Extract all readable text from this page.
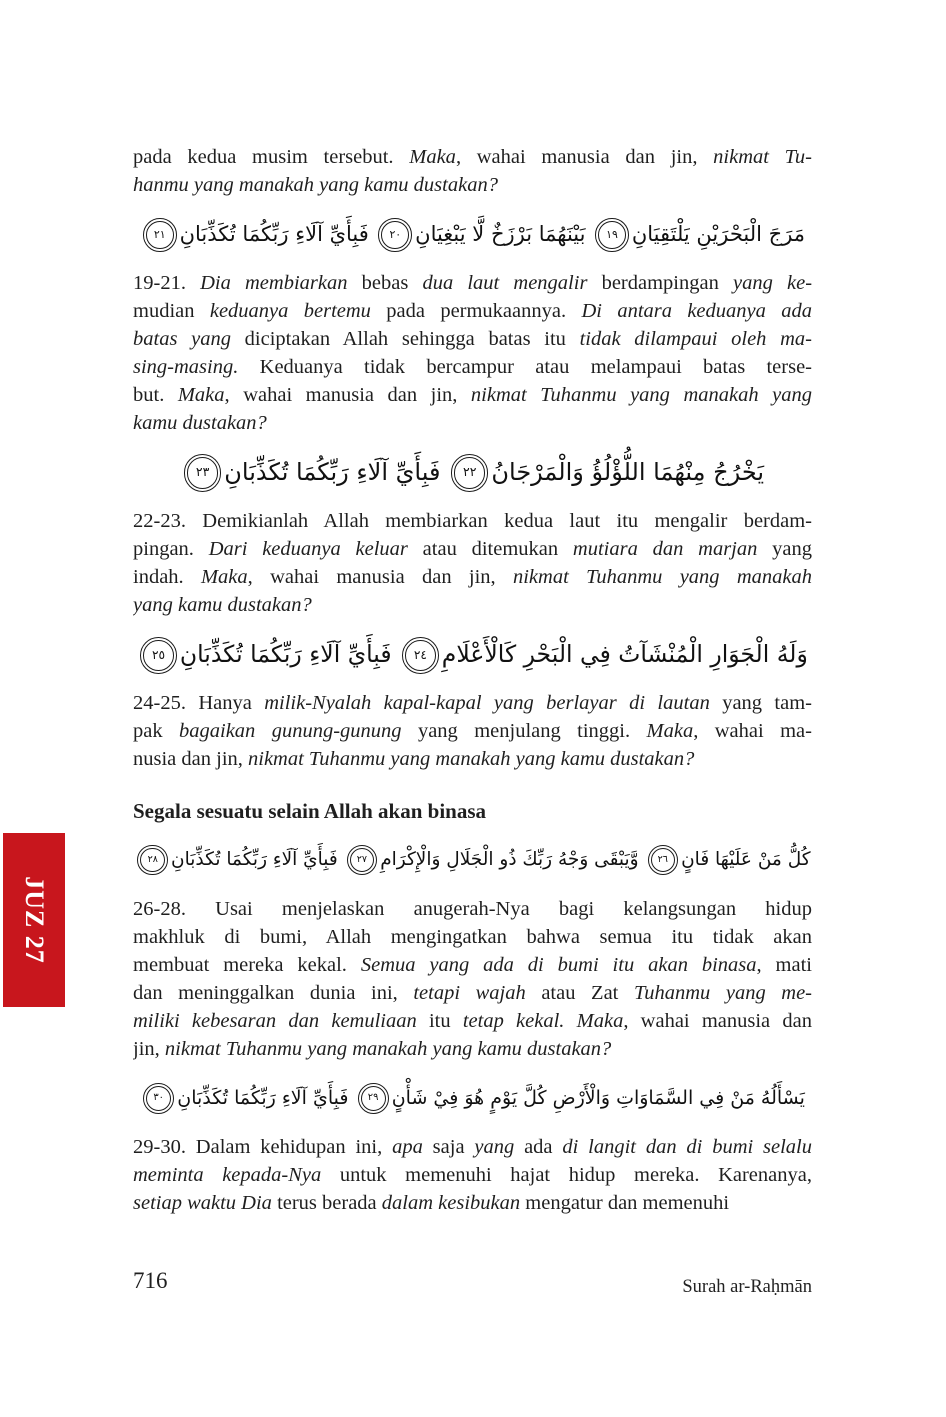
pada kedua musim tersebut. Maka, wahai manusia dan jin, nikmat Tu-
hanmu yang manakah yang kamu dustakan?
مَرَجَ الْبَحْرَيْنِ يَلْتَقِيَانِ١٩ بَيْنَهُمَا بَرْزَخٌ لَّا يَبْغِيَانِ٢٠ فَبِأَيِّ آلَاءِ رَبِّكُمَا تُكَذِّبَانِ٢١
19-21. Dia membiarkan bebas dua laut mengalir berdampingan yang ke-
mudian keduanya bertemu pada permukaannya. Di antara keduanya ada
batas yang diciptakan Allah sehingga batas itu tidak dilampaui oleh ma-
sing-masing. Keduanya tidak bercampur atau melampaui batas terse-
but. Maka, wahai manusia dan jin, nikmat Tuhanmu yang manakah yang
kamu dustakan?
يَخْرُجُ مِنْهُمَا اللُّؤْلُؤُ وَالْمَرْجَانُ٢٢ فَبِأَيِّ آلَاءِ رَبِّكُمَا تُكَذِّبَانِ٢٣
22-23. Demikianlah Allah membiarkan kedua laut itu mengalir berdam-
pingan. Dari keduanya keluar atau ditemukan mutiara dan marjan yang
indah. Maka, wahai manusia dan jin, nikmat Tuhanmu yang manakah
yang kamu dustakan?
وَلَهُ الْجَوَارِ الْمُنْشَآتُ فِي الْبَحْرِ كَالْأَعْلَامِ٢٤ فَبِأَيِّ آلَاءِ رَبِّكُمَا تُكَذِّبَانِ٢٥
24-25. Hanya milik-Nyalah kapal-kapal yang berlayar di lautan yang tam-
pak bagaikan gunung-gunung yang menjulang tinggi. Maka, wahai ma-
nusia dan jin, nikmat Tuhanmu yang manakah yang kamu dustakan?
Segala sesuatu selain Allah akan binasa
كُلُّ مَنْ عَلَيْهَا فَانٍ٢٦ وَّيَبْقَى وَجْهُ رَبِّكَ ذُو الْجَلَالِ وَالْإِكْرَامِ٢٧ فَبِأَيِّ آلَاءِ رَبِّكُمَا تُكَذِّبَانِ٢٨
26-28. Usai menjelaskan anugerah-Nya bagi kelangsungan hidup
makhluk di bumi, Allah mengingatkan bahwa semua itu tidak akan
membuat mereka kekal. Semua yang ada di bumi itu akan binasa, mati
dan meninggalkan dunia ini, tetapi wajah atau Zat Tuhanmu yang me-
miliki kebesaran dan kemuliaan itu tetap kekal. Maka, wahai manusia dan
jin, nikmat Tuhanmu yang manakah yang kamu dustakan?
يَسْأَلُهُ مَنْ فِي السَّمَاوَاتِ وَالْأَرْضِ كُلَّ يَوْمٍ هُوَ فِيْ شَأْنٍ٢٩ فَبِأَيِّ آلَاءِ رَبِّكُمَا تُكَذِّبَانِ٣٠
29-30. Dalam kehidupan ini, apa saja yang ada di langit dan di bumi selalu
meminta kepada-Nya untuk memenuhi hajat hidup mereka. Karenanya,
setiap waktu Dia terus berada dalam kesibukan mengatur dan memenuhi
JUZ 27
716	Surah ar-Raḥmān
